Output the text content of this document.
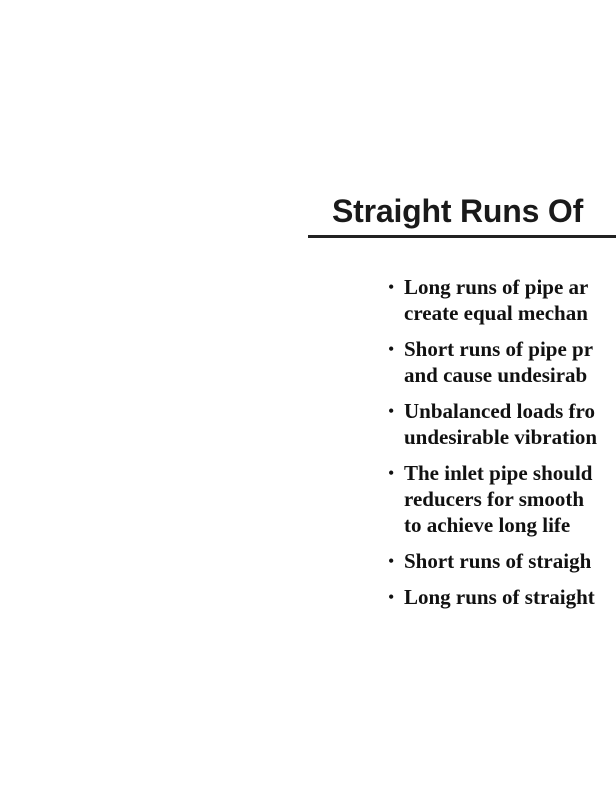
Straight Runs Of
• Long runs of pipe ar
create equal mechan
• Short runs of pipe pr
and cause undesirab
• Unbalanced loads fro
undesirable vibration
• The inlet pipe should
reducers for smooth
to achieve long life
• Short runs of straigh
• Long runs of straight
